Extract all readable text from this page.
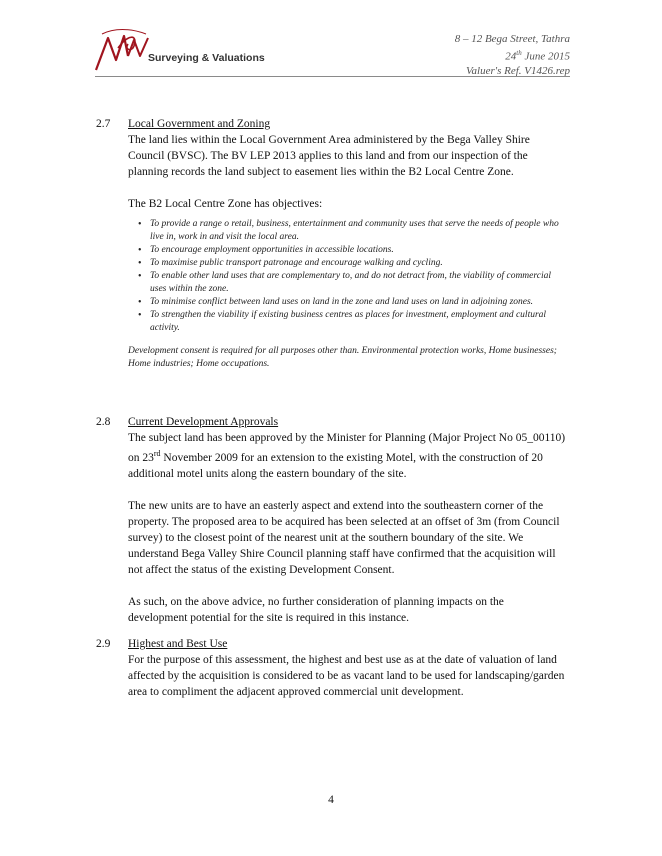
Surveying & Valuations
8 – 12 Bega Street, Tathra
24th June 2015
Valuer's Ref. V1426.rep
2.7 Local Government and Zoning

The land lies within the Local Government Area administered by the Bega Valley Shire Council (BVSC). The BV LEP 2013 applies to this land and from our inspection of the planning records the land subject to easement lies within the B2 Local Centre Zone.

The B2 Local Centre Zone has objectives:

• To provide a range o retail, business, entertainment and community uses that serve the needs of people who live in, work in and visit the local area.
• To encourage employment opportunities in accessible locations.
• To maximise public transport patronage and encourage walking and cycling.
• To enable other land uses that are complementary to, and do not detract from, the viability of commercial uses within the zone.
• To minimise conflict between land uses on land in the zone and land uses on land in adjoining zones.
• To strengthen the viability if existing business centres as places for investment, employment and cultural activity.

Development consent is required for all purposes other than. Environmental protection works, Home businesses; Home industries; Home occupations.

2.8 Current Development Approvals

The subject land has been approved by the Minister for Planning (Major Project No 05_00110) on 23rd November 2009 for an extension to the existing Motel, with the construction of 20 additional motel units along the eastern boundary of the site.

The new units are to have an easterly aspect and extend into the southeastern corner of the property. The proposed area to be acquired has been selected at an offset of 3m (from Council survey) to the closest point of the nearest unit at the southern boundary of the site. We understand Bega Valley Shire Council planning staff have confirmed that the acquisition will not affect the status of the existing Development Consent.

As such, on the above advice, no further consideration of planning impacts on the development potential for the site is required in this instance.

2.9 Highest and Best Use

For the purpose of this assessment, the highest and best use as at the date of valuation of land affected by the acquisition is considered to be as vacant land to be used for landscaping/garden area to compliment the adjacent approved commercial unit development.

4
